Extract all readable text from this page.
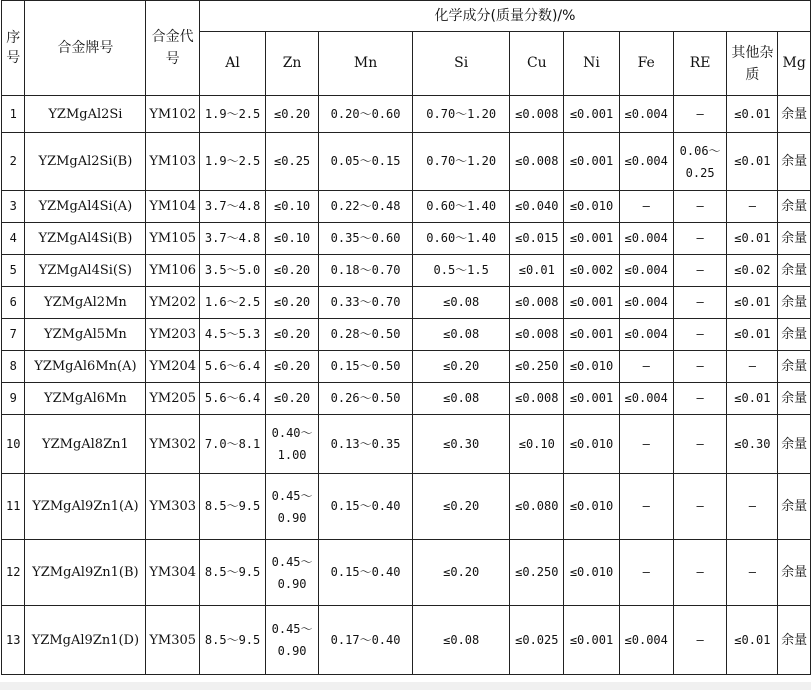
序号	合金牌号	合金代号	化学成分(质量分数)/%									
			Al	Zn	Mn	Si	Cu	Ni	Fe	RE	其他杂质	Mg
1	YZMgAl2Si	YM102	1.9～2.5	≤0.20	0.20～0.60	0.70～1.20	≤0.008	≤0.001	≤0.004	—	≤0.01	余量
2	YZMgAl2Si(B)	YM103	1.9～2.5	≤0.25	0.05～0.15	0.70～1.20	≤0.008	≤0.001	≤0.004	0.06～0.25	≤0.01	余量
3	YZMgAl4Si(A)	YM104	3.7～4.8	≤0.10	0.22～0.48	0.60～1.40	≤0.040	≤0.010	—	—	—	余量
4	YZMgAl4Si(B)	YM105	3.7～4.8	≤0.10	0.35～0.60	0.60～1.40	≤0.015	≤0.001	≤0.004	—	≤0.01	余量
5	YZMgAl4Si(S)	YM106	3.5～5.0	≤0.20	0.18～0.70	0.5～1.5	≤0.01	≤0.002	≤0.004	—	≤0.02	余量
6	YZMgAl2Mn	YM202	1.6～2.5	≤0.20	0.33～0.70	≤0.08	≤0.008	≤0.001	≤0.004	—	≤0.01	余量
7	YZMgAl5Mn	YM203	4.5～5.3	≤0.20	0.28～0.50	≤0.08	≤0.008	≤0.001	≤0.004	—	≤0.01	余量
8	YZMgAl6Mn(A)	YM204	5.6～6.4	≤0.20	0.15～0.50	≤0.20	≤0.250	≤0.010	—	—	—	余量
9	YZMgAl6Mn	YM205	5.6～6.4	≤0.20	0.26～0.50	≤0.08	≤0.008	≤0.001	≤0.004	—	≤0.01	余量
10	YZMgAl8Zn1	YM302	7.0～8.1	0.40～1.00	0.13～0.35	≤0.30	≤0.10	≤0.010	—	—	≤0.30	余量
11	YZMgAl9Zn1(A)	YM303	8.5～9.5	0.45～0.90	0.15～0.40	≤0.20	≤0.080	≤0.010	—	—	—	余量
12	YZMgAl9Zn1(B)	YM304	8.5～9.5	0.45～0.90	0.15～0.40	≤0.20	≤0.250	≤0.010	—	—	—	余量
13	YZMgAl9Zn1(D)	YM305	8.5～9.5	0.45～0.90	0.17～0.40	≤0.08	≤0.025	≤0.001	≤0.004	—	≤0.01	余量
